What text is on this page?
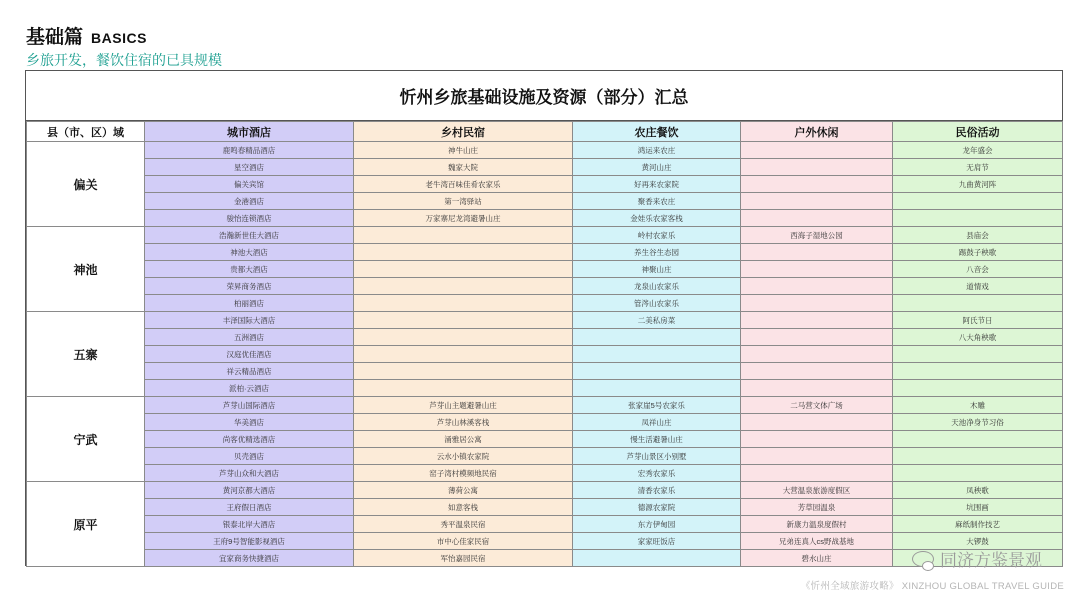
基础篇 BASICS
乡旅开发，餐饮住宿的已具规模
忻州乡旅基础设施及资源（部分）汇总
县（市、区）域	城市酒店	乡村民宿	农庄餐饮	户外休闲	民俗活动
偏关	鹿鸣春精品酒店	神牛山庄	鸿运来农庄		龙年盛会
	星空酒店	魏家大院	黄河山庄		无肩节
	偏关宾馆	老牛湾百味佳肴农家乐	好再来农家院		九曲黄河阵
	金港酒店	第一湾驿站	聚香来农庄		
	骏怡连锁酒店	万家寨尼龙湾避暑山庄	金娃乐农家客栈		
神池	浩瀚新世佳大酒店		岭村农家乐	西海子湿地公园	县庙会
	神池大酒店		养生谷生态园		踢鼓子秧歌
	贵都大酒店		神聚山庄		八音会
	荣昇商务酒店		龙泉山农家乐		道情戏
	柏丽酒店		管涔山农家乐		
五寨	丰泽国际大酒店		二美私房菜		阿氏节日
	五洲酒店				八大角秧歌
	汉庭优佳酒店				
	祥云精品酒店				
	派柏·云酒店				
宁武	芦芽山国际酒店	芦芽山主题避暑山庄	张家崖5号农家乐	二马营文体广场	木雕
	华美酒店	芦芽山林溪客栈	凤祥山庄		天池净身节习俗
	尚客优精选酒店	涌雅居公寓	慢生活避暑山庄		
	贝壳酒店	云水小镇农家院	芦芽山景区小别墅		
	芦芽山众和大酒店	窑子湾村模频地民宿	宏秀农家乐		
原平	黄河京都大酒店	薄荷公寓	清香农家乐	大营温泉旅游度假区	凤秧歌
	王府假日酒店	如意客栈	德源农家院	芳草园温泉	坑围画
	银泰北岸大酒店	秀平温泉民宿	东方伊甸园	新康力温泉度假村	麻纸制作技艺
	王府9号智能影视酒店	市中心佳家民宿	家家旺饭店	兄弟连真人cs野战基地	大锣鼓
	宜家商务快捷酒店	军怡嘉园民宿		碧水山庄		同济方鉴景观
《忻州全域旅游攻略》 XINZHOU GLOBAL TRAVEL GUIDE
